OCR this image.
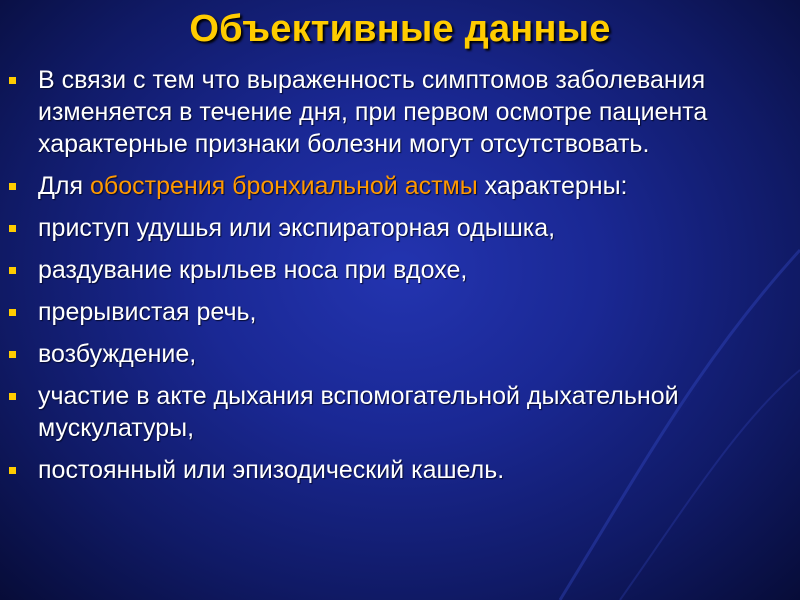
Объективные данные
В связи с тем что выраженность симптомов заболевания изменяется в течение дня, при первом осмотре пациента характерные признаки болезни могут отсутствовать.
Для обострения бронхиальной астмы характерны:
приступ удушья или экспираторная одышка,
раздувание крыльев носа при вдохе,
прерывистая речь,
возбуждение,
участие в акте дыхания вспомогательной дыхательной мускулатуры,
постоянный или эпизодический кашель.
